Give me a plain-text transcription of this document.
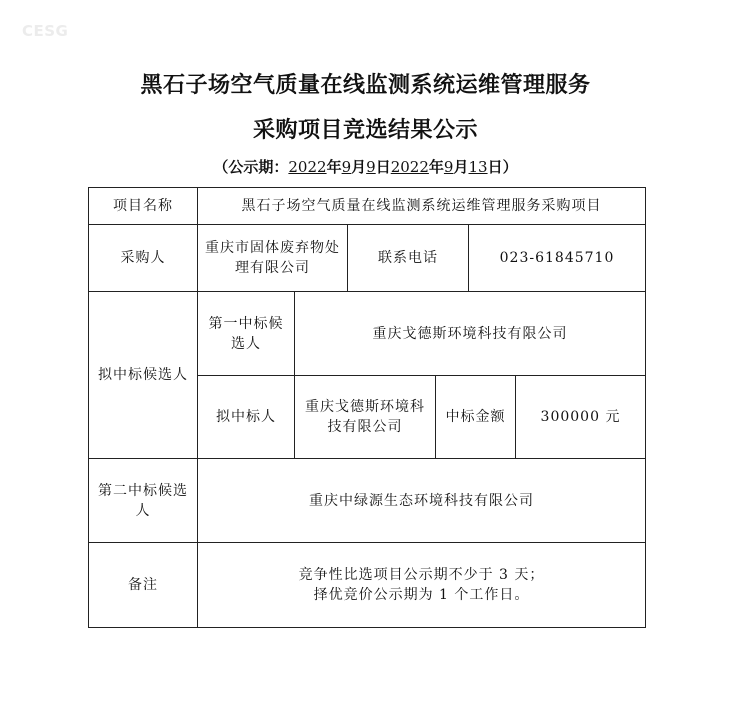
CESG
黑石子场空气质量在线监测系统运维管理服务
采购项目竞选结果公示
（公示期：2022年9月9日2022年9月13日）
项目名称	黑石子场空气质量在线监测系统运维管理服务采购项目					
采购人	重庆市固体废弃物处理有限公司		联系电话		023-61845710	
拟中标候选人	第一中标候选人	重庆戈德斯环境科技有限公司				
	拟中标人	重庆戈德斯环境科技有限公司		中标金额		300000 元
第二中标候选人	重庆中绿源生态环境科技有限公司					
备注	竞争性比选项目公示期不少于 3 天；
择优竞价公示期为 1 个工作日。					
